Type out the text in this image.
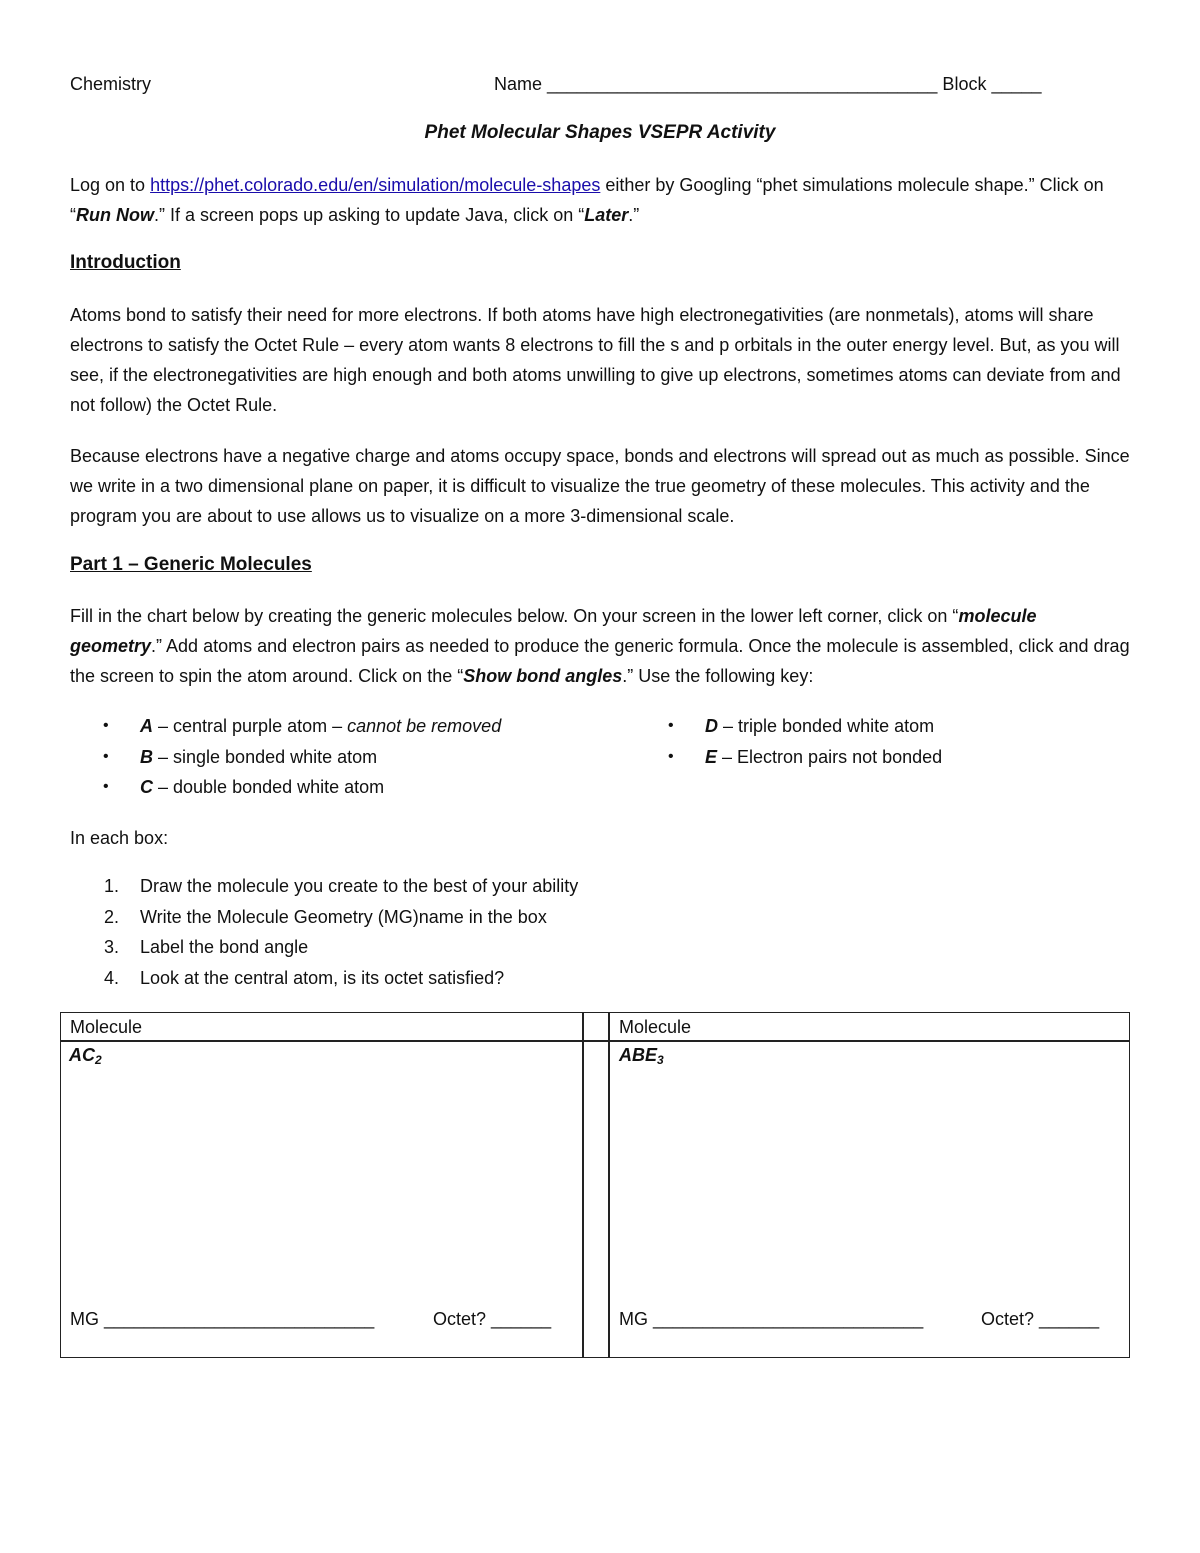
Chemistry	Name _______________________________________ Block _____
Phet Molecular Shapes VSEPR Activity

Log on to https://phet.colorado.edu/en/simulation/molecule-shapes either by Googling “phet simulations molecule shape.” Click on “Run Now.” If a screen pops up asking to update Java, click on “Later.”

Introduction

Atoms bond to satisfy their need for more electrons. If both atoms have high electronegativities (are nonmetals), atoms will share electrons to satisfy the Octet Rule – every atom wants 8 electrons to fill the s and p orbitals in the outer energy level. But, as you will see, if the electronegativities are high enough and both atoms unwilling to give up electrons, sometimes atoms can deviate from and not follow) the Octet Rule.

Because electrons have a negative charge and atoms occupy space, bonds and electrons will spread out as much as possible. Since we write in a two dimensional plane on paper, it is difficult to visualize the true geometry of these molecules. This activity and the program you are about to use allows us to visualize on a more 3-dimensional scale.

Part 1 – Generic Molecules

Fill in the chart below by creating the generic molecules below. On your screen in the lower left corner, click on “molecule geometry.” Add atoms and electron pairs as needed to produce the generic formula. Once the molecule is assembled, click and drag the screen to spin the atom around. Click on the “Show bond angles.” Use the following key:

• A – central purple atom – cannot be removed
• B – single bonded white atom
• C – double bonded white atom
• D – triple bonded white atom
• E – Electron pairs not bonded

In each box:

1. Draw the molecule you create to the best of your ability
2. Write the Molecule Geometry (MG)name in the box
3. Label the bond angle
4. Look at the central atom, is its octet satisfied?
Molecule
$AC_2$
MG ___________________________	Octet? ______
Molecule
$ABE_3$
MG ___________________________	Octet? ______
